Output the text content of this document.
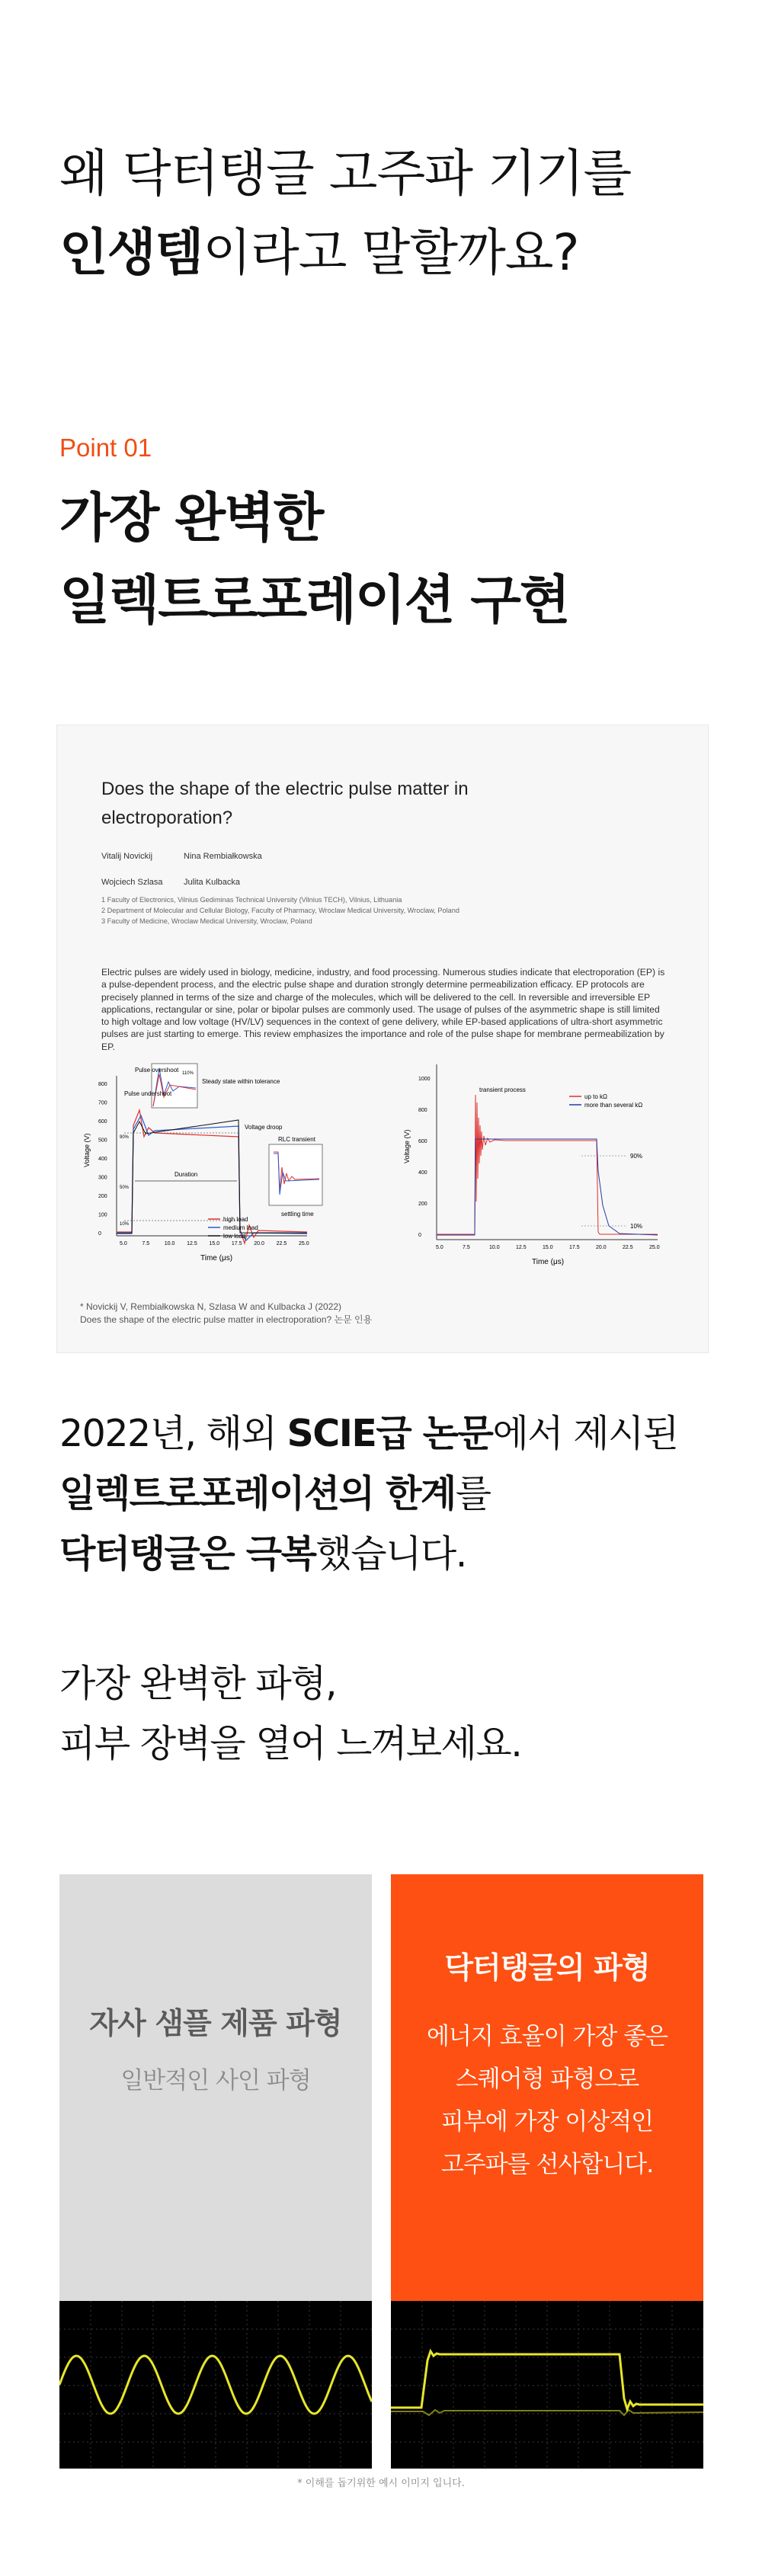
왜 닥터탱글 고주파 기기를
인생템이라고 말할까요?
Point 01
가장 완벽한
일렉트로포레이션 구현
Does the shape of the electric pulse matter in electroporation?
Vitalij Novickij	Nina Rembiałkowska
Wojciech Szlasa	Julita Kulbacka
1 Faculty of Electronics, Vilnius Gediminas Technical University (Vilnius TECH), Vilnius, Lithuania
2 Department of Molecular and Cellular Biology, Faculty of Pharmacy, Wroclaw Medical University, Wroclaw, Poland
3 Faculty of Medicine, Wroclaw Medical University, Wroclaw, Poland
Electric pulses are widely used in biology, medicine, industry, and food processing. Numerous studies indicate that electroporation (EP) is a pulse-dependent process, and the electric pulse shape and duration strongly determine permeabilization efficacy. EP protocols are precisely planned in terms of the size and charge of the molecules, which will be delivered to the cell. In reversible and irreversible EP applications, rectangular or sine, polar or bipolar pulses are commonly used. The usage of pulses of the asymmetric shape is still limited to high voltage and low voltage (HV/LV) sequences in the context of gene delivery, while EP-based applications of ultra-short asymmetric pulses are just starting to emerge. This review emphasizes the importance and role of the pulse shape for membrane permeabilization by EP.
5.0	7.5	10.0 12.5 15.0 17.5 20.0 22.5 25.0
0
100
200
300
400
500
600
700
800
Time (μs)
Voltage (V)
Pulse overshoot
Pulse undershoot
Steady state within tolerance
Voltage droop
Duration
RLC transient
settling time
90%
50%
10%
110%
high load
medium load
low load
5.0	7.5	10.0	12.5	15.0	17.5	20.0	22.5	25.0
0
200
400
600
800
1000
Time (μs)
Voltage (V)
transient process
90%
10%
up to kΩ
more than several kΩ
* Novickij V, Rembiałkowska N, Szlasa W and Kulbacka J (2022)
Does the shape of the electric pulse matter in electroporation? 논문 인용
2022년, 해외 SCIE급 논문에서 제시된
일렉트로포레이션의 한계를
닥터탱글은 극복했습니다.
가장 완벽한 파형,
피부 장벽을 열어 느껴보세요.
자사 샘플 제품 파형
일반적인 사인 파형
닥터탱글의 파형
에너지 효율이 가장 좋은
스퀘어형 파형으로
피부에 가장 이상적인
고주파를 선사합니다.
* 이해를 돕기위한 예시 이미지 입니다.
